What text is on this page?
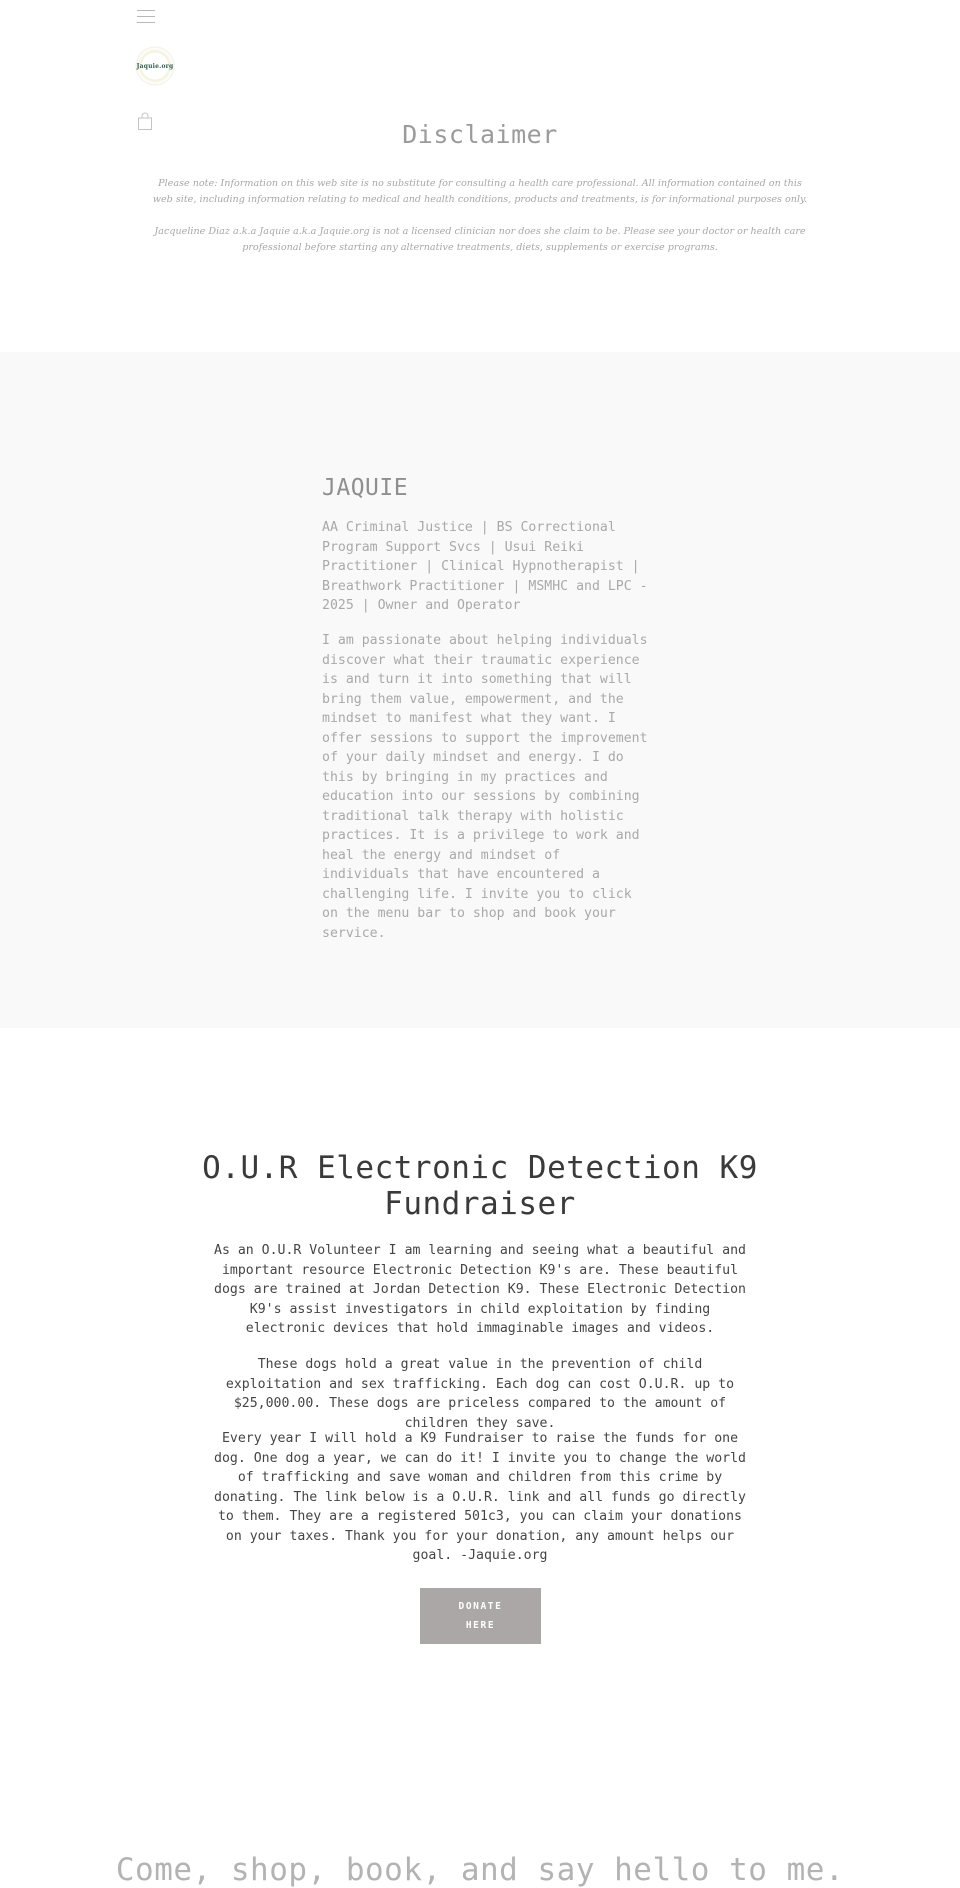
Jaquie.org
Disclaimer

Please note: Information on this web site is no substitute for consulting a health care professional. All information contained on this web site, including information relating to medical and health conditions, products and treatments, is for informational purposes only.

Jacqueline Diaz a.k.a Jaquie a.k.a Jaquie.org is not a licensed clinician nor does she claim to be. Please see your doctor or health care professional before starting any alternative treatments, diets, supplements or exercise programs.

JAQUIE

AA Criminal Justice | BS Correctional Program Support Svcs | Usui Reiki Practitioner | Clinical Hypnotherapist | Breathwork Practitioner | MSMHC and LPC - 2025 | Owner and Operator

I am passionate about helping individuals discover what their traumatic experience is and turn it into something that will bring them value, empowerment, and the mindset to manifest what they want. I offer sessions to support the improvement of your daily mindset and energy. I do this by bringing in my practices and education into our sessions by combining traditional talk therapy with holistic practices. It is a privilege to work and heal the energy and mindset of individuals that have encountered a challenging life. I invite you to click on the menu bar to shop and book your service.

O.U.R Electronic Detection K9 Fundraiser

As an O.U.R Volunteer I am learning and seeing what a beautiful and important resource Electronic Detection K9's are. These beautiful dogs are trained at Jordan Detection K9. These Electronic Detection K9's assist investigators in child exploitation by finding electronic devices that hold immaginable images and videos.

These dogs hold a great value in the prevention of child exploitation and sex trafficking. Each dog can cost O.U.R. up to $25,000.00. These dogs are priceless compared to the amount of children they save.

Every year I will hold a K9 Fundraiser to raise the funds for one dog. One dog a year, we can do it! I invite you to change the world of trafficking and save woman and children from this crime by donating. The link below is a O.U.R. link and all funds go directly to them. They are a registered 501c3, you can claim your donations on your taxes. Thank you for your donation, any amount helps our goal. -Jaquie.org

DONATE HERE
Come, shop, book, and say hello to me.
